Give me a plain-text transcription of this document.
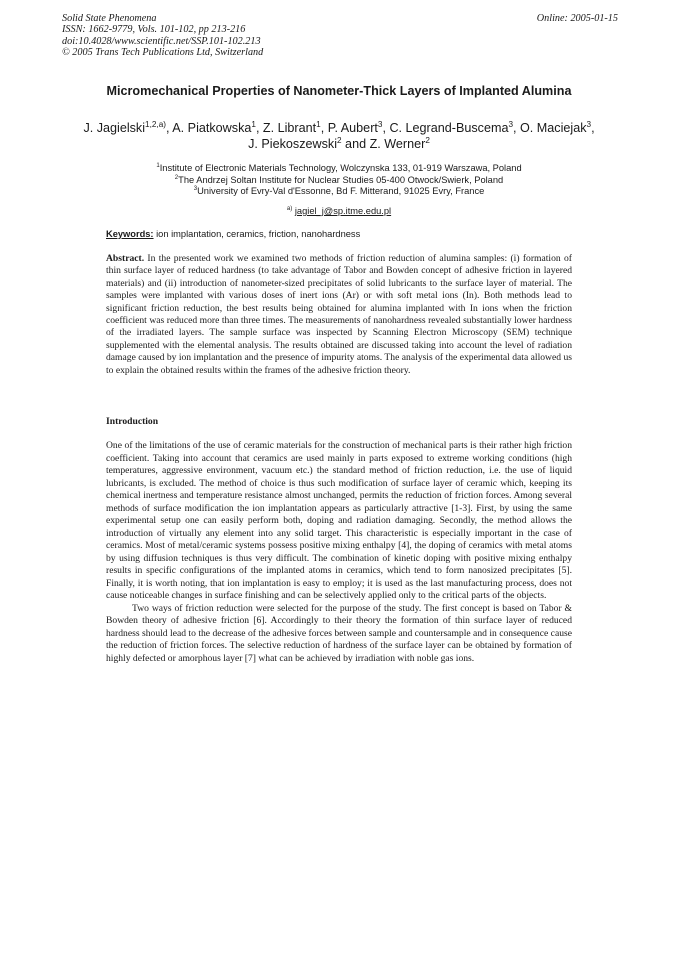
Solid State Phenomena
ISSN: 1662-9779, Vols. 101-102, pp 213-216
doi:10.4028/www.scientific.net/SSP.101-102.213
© 2005 Trans Tech Publications Ltd, Switzerland
Online: 2005-01-15
Micromechanical Properties of Nanometer-Thick Layers of Implanted Alumina
J. Jagielski$^{1,2,a)}$, A. Piatkowska$^1$, Z. Librant$^1$, P. Aubert$^3$, C. Legrand-Buscema$^3$, O. Maciejak$^3$, J. Piekoszewski$^2$ and Z. Werner$^2$
$^1$Institute of Electronic Materials Technology, Wolczynska 133, 01-919 Warszawa, Poland
$^2$The Andrzej Soltan Institute for Nuclear Studies 05-400 Otwock/Swierk, Poland
$^3$University of Evry-Val d'Essonne, Bd F. Mitterand, 91025 Evry, France
$^{a)}$ jagiel_j@sp.itme.edu.pl
Keywords: ion implantation, ceramics, friction, nanohardness
Abstract. In the presented work we examined two methods of friction reduction of alumina samples: (i) formation of thin surface layer of reduced hardness (to take advantage of Tabor and Bowden concept of adhesive friction in layered materials) and (ii) introduction of nanometer-sized precipitates of solid lubricants to the surface layer of material. The samples were implanted with various doses of inert ions (Ar) or with soft metal ions (In). Both methods lead to significant friction reduction, the best results being obtained for alumina implanted with In ions when the friction coefficient was reduced more than three times. The measurements of nanohardness revealed substantially lower hardness of the irradiated layers. The sample surface was inspected by Scanning Electron Microscopy (SEM) technique supplemented with the elemental analysis. The results obtained are discussed taking into account the level of radiation damage caused by ion implantation and the presence of impurity atoms. The analysis of the experimental data allowed us to explain the obtained results within the frames of the adhesive friction theory.
Introduction

One of the limitations of the use of ceramic materials for the construction of mechanical parts is their rather high friction coefficient. Taking into account that ceramics are used mainly in parts exposed to extreme working conditions (high temperatures, aggressive environment, vacuum etc.) the standard method of friction reduction, i.e. the use of liquid lubricants, is excluded. The method of choice is thus such modification of surface layer of ceramic which, keeping its chemical inertness and temperature resistance almost unchanged, permits the reduction of friction forces. Among several methods of surface modification the ion implantation appears as particularly attractive [1-3]. First, by using the same experimental setup one can easily perform both, doping and radiation damaging. Secondly, the method allows the introduction of virtually any element into any solid target. This characteristic is especially important in the case of ceramics. Most of metal/ceramic systems possess positive mixing enthalpy [4], the doping of ceramics with metal atoms by using diffusion techniques is thus very difficult. The combination of kinetic doping with positive mixing enthalpy results in specific configurations of the implanted atoms in ceramics, which tend to form nanosized precipitates [5]. Finally, it is worth noting, that ion implantation is easy to employ; it is used as the last manufacturing process, does not cause noticeable changes in surface finishing and can be selectively applied only to the critical parts of the objects.

Two ways of friction reduction were selected for the purpose of the study. The first concept is based on Tabor & Bowden theory of adhesive friction [6]. Accordingly to their theory the formation of thin surface layer of reduced hardness should lead to the decrease of the adhesive forces between sample and countersample and in consequence cause the reduction of friction forces. The selective reduction of hardness of the surface layer can be obtained by formation of highly defected or amorphous layer [7] what can be achieved by irradiation with noble gas ions.
